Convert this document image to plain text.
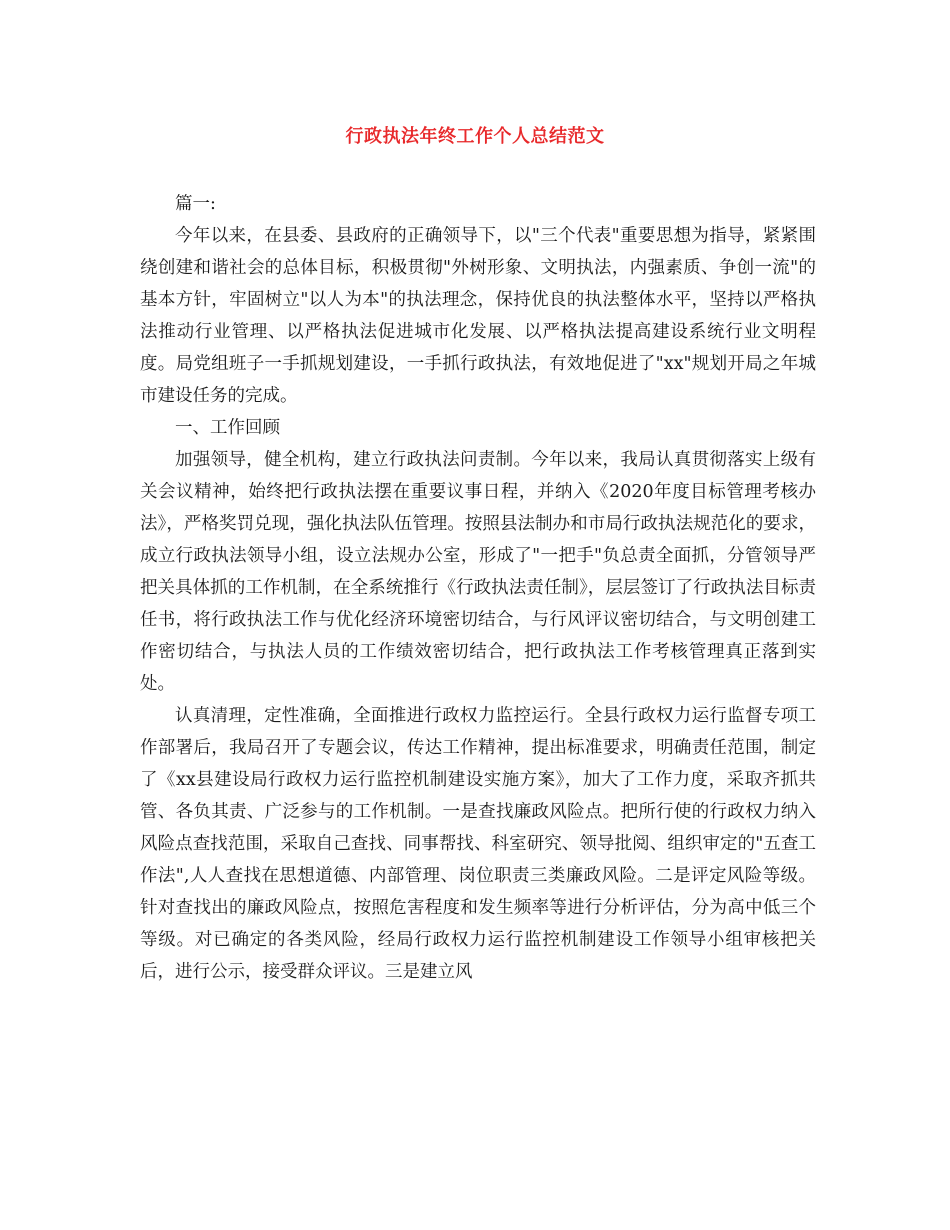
行政执法年终工作个人总结范文

篇一:

今年以来，在县委、县政府的正确领导下，以"三个代表"重要思想为指导，紧紧围绕创建和谐社会的总体目标，积极贯彻"外树形象、文明执法，内强素质、争创一流"的基本方针，牢固树立"以人为本"的执法理念，保持优良的执法整体水平，坚持以严格执法推动行业管理、以严格执法促进城市化发展、以严格执法提高建设系统行业文明程度。局党组班子一手抓规划建设，一手抓行政执法，有效地促进了"xx"规划开局之年城市建设任务的完成。

一、工作回顾

加强领导，健全机构，建立行政执法问责制。今年以来，我局认真贯彻落实上级有关会议精神，始终把行政执法摆在重要议事日程，并纳入《2020年度目标管理考核办法》，严格奖罚兑现，强化执法队伍管理。按照县法制办和市局行政执法规范化的要求，成立行政执法领导小组，设立法规办公室，形成了"一把手"负总责全面抓，分管领导严把关具体抓的工作机制，在全系统推行《行政执法责任制》，层层签订了行政执法目标责任书，将行政执法工作与优化经济环境密切结合，与行风评议密切结合，与文明创建工作密切结合，与执法人员的工作绩效密切结合，把行政执法工作考核管理真正落到实处。

认真清理，定性准确，全面推进行政权力监控运行。全县行政权力运行监督专项工作部署后，我局召开了专题会议，传达工作精神，提出标准要求，明确责任范围，制定了《xx县建设局行政权力运行监控机制建设实施方案》，加大了工作力度，采取齐抓共管、各负其责、广泛参与的工作机制。一是查找廉政风险点。把所行使的行政权力纳入风险点查找范围，采取自己查找、同事帮找、科室研究、领导批阅、组织审定的"五查工作法",人人查找在思想道德、内部管理、岗位职责三类廉政风险。二是评定风险等级。针对查找出的廉政风险点，按照危害程度和发生频率等进行分析评估，分为高中低三个等级。对已确定的各类风险，经局行政权力运行监控机制建设工作领导小组审核把关后，进行公示，接受群众评议。三是建立风
